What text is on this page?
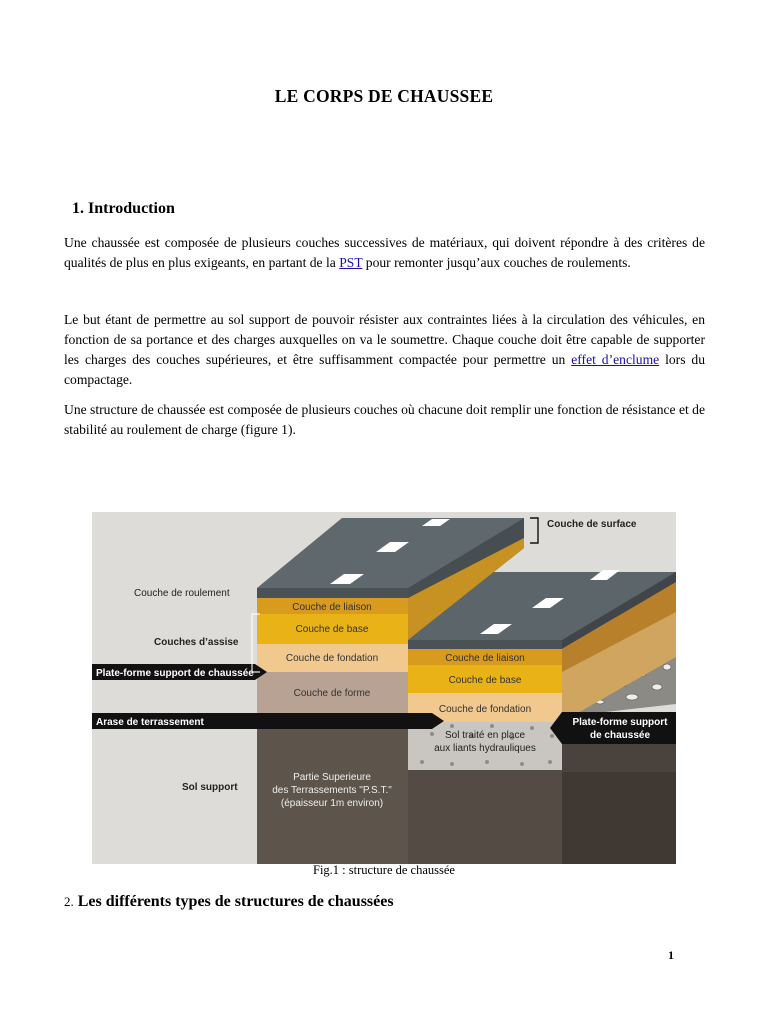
LE CORPS DE CHAUSSEE
1. Introduction
Une chaussée est composée de plusieurs couches successives de matériaux, qui doivent répondre à des critères de qualités de plus en plus exigeants, en partant de la PST pour remonter jusqu’aux couches de roulements.
Le but étant de permettre au sol support de pouvoir résister aux contraintes liées à la circulation des véhicules, en fonction de sa portance et des charges auxquelles on va le soumettre. Chaque couche doit être capable de supporter les charges des couches supérieures, et être suffisamment compactée pour permettre un effet d’enclume lors du compactage.
Une structure de chaussée est composée de plusieurs couches où chacune doit remplir une fonction de résistance et de stabilité au roulement de charge (figure 1).
Couche de surface
Couche de roulement
Couches d’assise
Plate-forme support de chaussée
Arase de terrassement
Sol support
Couche de liaison
Couche de base
Couche de fondation
Couche de forme
Couche de liaison
Couche de base
Couche de fondation
Partie Superieure
des Terrassements "P.S.T."
(épaisseur 1m environ)
Plate-forme support
de chaussée
Sol traité en place
aux liants hydrauliques
Fig.1 : structure de chaussée
2. Les différents types de structures de chaussées
1
